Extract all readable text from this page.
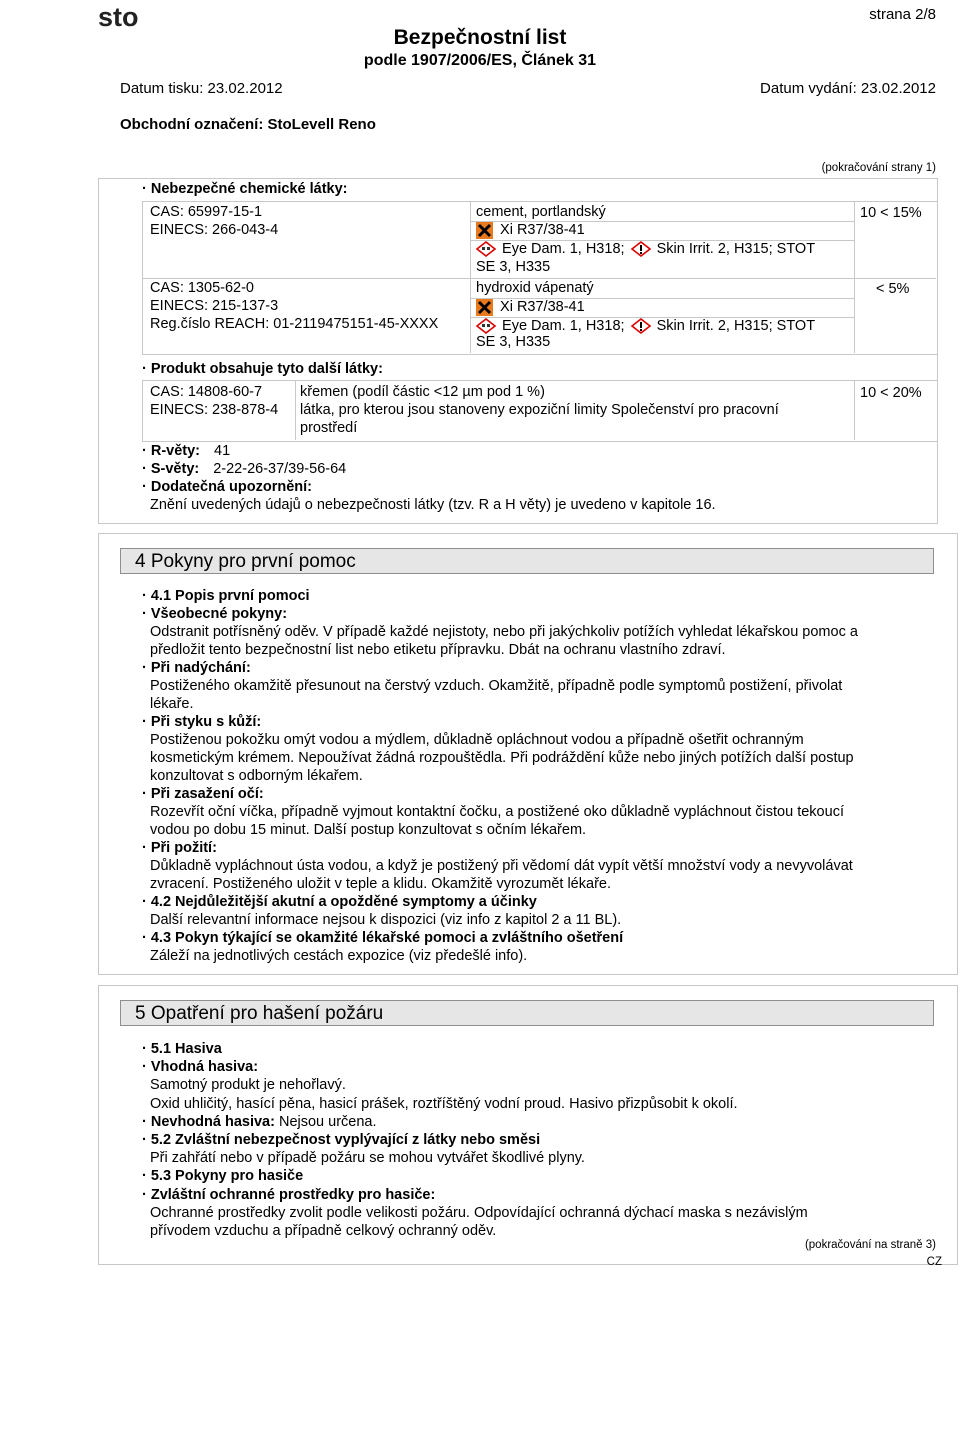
sto	strana 2/8
Bezpečnostní list
podle 1907/2006/ES, Článek 31
Datum tisku: 23.02.2012	Datum vydání: 23.02.2012
Obchodní označení: StoLevell Reno
(pokračování strany 1)
· Nebezpečné chemické látky:
CAS: 65997-15-1
EINECS: 266-043-4
cement, portlandský
Xi R37/38-41
Eye Dam. 1, H318; Skin Irrit. 2, H315; STOT
SE 3, H335
10 < 15%
CAS: 1305-62-0
EINECS: 215-137-3
Reg.číslo REACH: 01-2119475151-45-XXXX
hydroxid vápenatý
Xi R37/38-41
Eye Dam. 1, H318; Skin Irrit. 2, H315; STOT
SE 3, H335
< 5%
· Produkt obsahuje tyto další látky:
CAS: 14808-60-7
EINECS: 238-878-4
křemen (podíl částic <12 µm pod 1 %)
látka, pro kterou jsou stanoveny expoziční limity Společenství pro pracovní
prostředí
10 < 20%
· R-věty: 41
· S-věty: 2-22-26-37/39-56-64
· Dodatečná upozornění:
Znění uvedených údajů o nebezpečnosti látky (tzv. R a H věty) je uvedeno v kapitole 16.
4 Pokyny pro první pomoc
· 4.1 Popis první pomoci
· Všeobecné pokyny:
Odstranit potřísněný oděv. V případě každé nejistoty, nebo při jakýchkoliv potížích vyhledat lékařskou pomoc a
předložit tento bezpečnostní list nebo etiketu přípravku. Dbát na ochranu vlastního zdraví.
· Při nadýchání:
Postiženého okamžitě přesunout na čerstvý vzduch. Okamžitě, případně podle symptomů postižení, přivolat
lékaře.
· Při styku s kůží:
Postiženou pokožku omýt vodou a mýdlem, důkladně opláchnout vodou a případně ošetřit ochranným
kosmetickým krémem. Nepoužívat žádná rozpouštědla. Při podráždění kůže nebo jiných potížích další postup
konzultovat s odborným lékařem.
· Při zasažení očí:
Rozevřít oční víčka, případně vyjmout kontaktní čočku, a postižené oko důkladně vypláchnout čistou tekoucí
vodou po dobu 15 minut. Další postup konzultovat s očním lékařem.
· Při požití:
Důkladně vypláchnout ústa vodou, a když je postižený při vědomí dát vypít větší množství vody a nevyvolávat
zvracení. Postiženého uložit v teple a klidu. Okamžitě vyrozumět lékaře.
· 4.2 Nejdůležitější akutní a opožděné symptomy a účinky
Další relevantní informace nejsou k dispozici (viz info z kapitol 2 a 11 BL).
· 4.3 Pokyn týkající se okamžité lékařské pomoci a zvláštního ošetření
Záleží na jednotlivých cestách expozice (viz předešlé info).
5 Opatření pro hašení požáru
· 5.1 Hasiva
· Vhodná hasiva:
Samotný produkt je nehořlavý.
Oxid uhličitý, hasící pěna, hasicí prášek, roztříštěný vodní proud. Hasivo přizpůsobit k okolí.
· Nevhodná hasiva: Nejsou určena.
· 5.2 Zvláštní nebezpečnost vyplývající z látky nebo směsi
Při zahřátí nebo v případě požáru se mohou vytvářet škodlivé plyny.
· 5.3 Pokyny pro hasiče
· Zvláštní ochranné prostředky pro hasiče:
Ochranné prostředky zvolit podle velikosti požáru. Odpovídající ochranná dýchací maska s nezávislým
přívodem vzduchu a případně celkový ochranný oděv.
(pokračování na straně 3)
CZ
